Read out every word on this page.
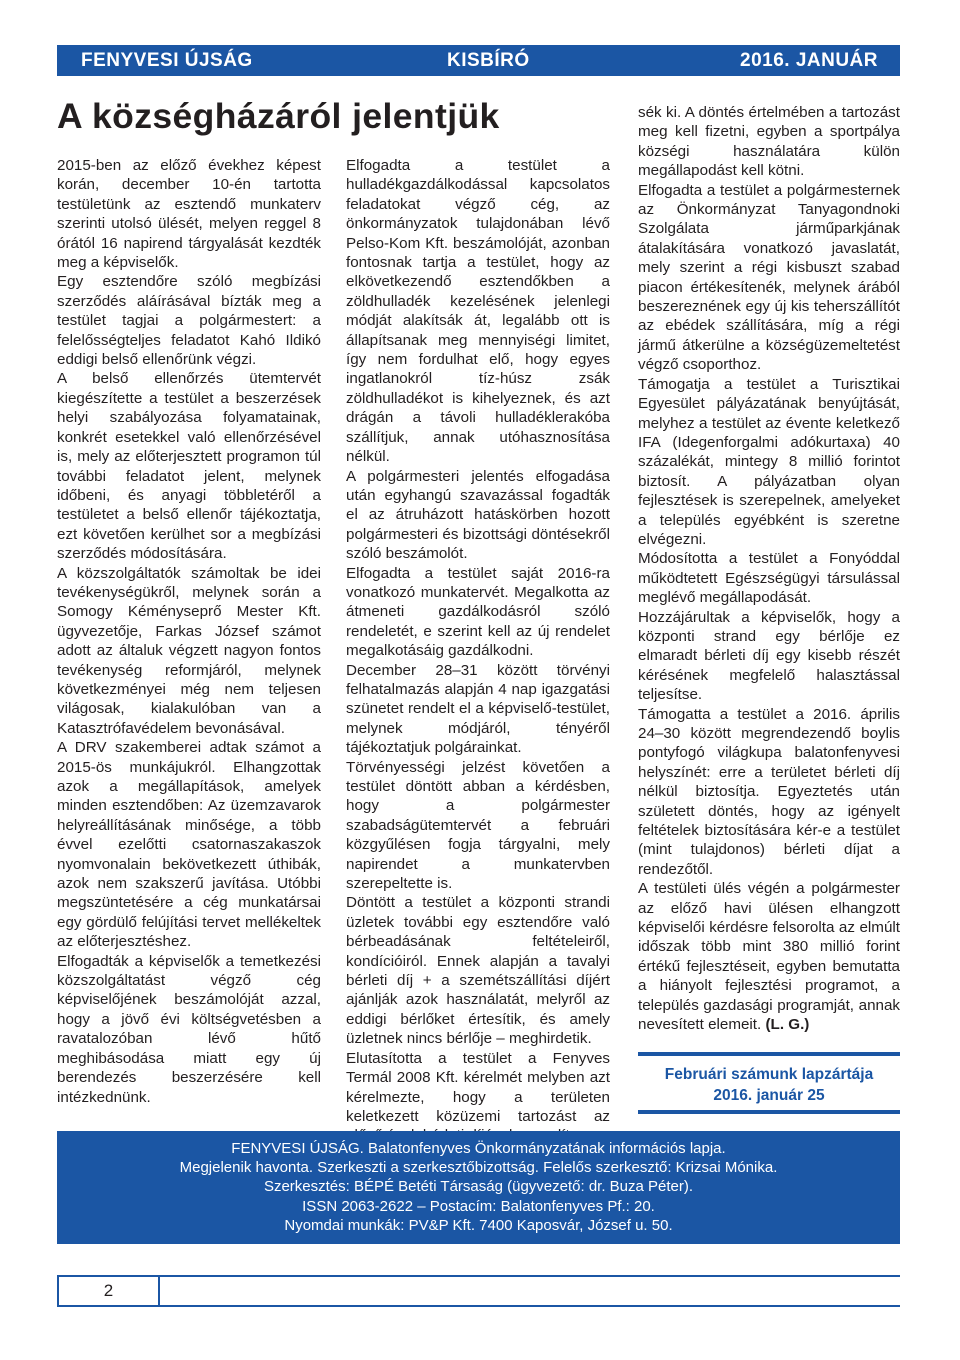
FENYVESI ÚJSÁG	KISBÍRÓ	2016. JANUÁR
A községházáról jelentjük

2015-ben az előző évekhez képest korán, december 10-én tartotta testületünk az esztendő munkaterv szerinti utolsó ülését, melyen reggel 8 órától 16 napirend tárgyalását kezdték meg a képviselők.

Egy esztendőre szóló megbízási szerződés aláírásával bízták meg a testület tagjai a polgármestert: a felelősségteljes feladatot Kahó Ildikó eddigi belső ellenőrünk végzi.

A belső ellenőrzés ütemtervét kiegészítette a testület a beszerzések helyi szabályozása folyamatainak, konkrét esetekkel való ellenőrzésével is, mely az előterjesztett programon túl további feladatot jelent, melynek időbeni, és anyagi többletéről a testületet a belső ellenőr tájékoztatja, ezt követően kerülhet sor a megbízási szerződés módosítására.

A közszolgáltatók számoltak be idei tevékenységükről, melynek során a Somogy Kéményseprő Mester Kft. ügyvezetője, Farkas József számot adott az általuk végzett nagyon fontos tevékenység reformjáról, melynek következményei még nem teljesen világosak, kialakulóban van a Katasztrófavédelem bevonásával.

A DRV szakemberei adtak számot a 2015-ös munkájukról. Elhangzottak azok a megállapítások, amelyek minden esztendőben: Az üzemzavarok helyreállításának minősége, a több évvel ezelőtti csatornaszakaszok nyomvonalain bekövetkezett úthibák, azok nem szakszerű javítása. Utóbbi megszüntetésére a cég munkatársai egy gördülő felújítási tervet mellékeltek az előterjesztéshez.

Elfogadták a képviselők a temetkezési közszolgáltatást végző cég képviselőjének beszámolóját azzal, hogy a jövő évi költségvetésben a ravatalozóban lévő hűtő meghibásodása miatt egy új berendezés beszerzésére kell intézkednünk.

Elfogadta a testület a hulladékgazdálkodással kapcsolatos feladatokat végző cég, az önkormányzatok tulajdonában lévő Pelso-Kom Kft. beszámolóját, azonban fontosnak tartja a testület, hogy az elkövetkezendő esztendőkben a zöldhulladék kezelésének jelenlegi módját alakítsák át, legalább ott is állapítsanak meg mennyiségi limitet, így nem fordulhat elő, hogy egyes ingatlanokról tíz-húsz zsák zöldhulladékot is kihelyeznek, és azt drágán a távoli hulladéklerakóba szállítjuk, annak utóhasznosítása nélkül.

A polgármesteri jelentés elfogadása után egyhangú szavazással fogadták el az átruházott hatáskörben hozott polgármesteri és bizottsági döntésekről szóló beszámolót.

Elfogadta a testület saját 2016-ra vonatkozó munkatervét. Megalkotta az átmeneti gazdálkodásról szóló rendeletét, e szerint kell az új rendelet megalkotásáig gazdálkodni.

December 28–31 között törvényi felhatalmazás alapján 4 nap igazgatási szünetet rendelt el a képviselő-testület, melynek módjáról, tényéről tájékoztatjuk polgárainkat.

Törvényességi jelzést követően a testület döntött abban a kérdésben, hogy a polgármester szabadságütemtervét a februári közgyűlésen fogja tárgyalni, mely napirendet a munkatervben szerepeltette is.

Döntött a testület a központi strandi üzletek további egy esztendőre való bérbeadásának feltételeiről, kondícióiról. Ennek alapján a tavalyi bérleti díj + a szemétszállítási díjért ajánlják azok használatát, melyről az eddigi bérlőket értesítik, és amely üzletnek nincs bérlője – meghirdetik.

Elutasította a testület a Fenyves Termál 2008 Kft. kérelmét melyben azt kérelmezte, hogy a területen keletkezett közüzemi tartozást az

sék ki. A döntés értelmében a tartozást meg kell fizetni, egyben a sportpálya községi használatára külön megállapodást kell kötni.

Elfogadta a testület a polgármesternek az Önkormányzat Tanyagondnoki Szolgálata járműparkjának átalakítására vonatkozó javaslatát, mely szerint a régi kisbuszt szabad piacon értékesítenék, melynek árából beszereznének egy új kis teherszállítót az ebédek szállítására, míg a régi jármű átkerülne a községüzemeltetést végző csoporthoz.

Támogatja a testület a Turisztikai Egyesület pályázatának benyújtását, melyhez a testület az évente keletkező IFA (Idegenforgalmi adókurtaxa) 40 százalékát, mintegy 8 millió forintot biztosít. A pályázatban olyan fejlesztések is szerepelnek, amelyeket a település egyébként is szeretne elvégezni.

Módosította a testület a Fonyóddal működtetett Egészségügyi társulással meglévő megállapodását.

Hozzájárultak a képviselők, hogy a központi strand egy bérlője ez elmaradt bérleti díj egy kisebb részét kérésének megfelelő halasztással teljesítse.

Támogatta a testület a 2016. április 24–30 között megrendezendő boylis pontyfogó világkupa balatonfenyvesi helyszínét: erre a területet bérleti díj nélkül biztosítja. Egyeztetés után született döntés, hogy az igényelt feltételek biztosítására kér-e a testület (mint tulajdonos) bérleti díjat a rendezőtől.

A testületi ülés végén a polgármester az előző havi ülésen elhangzott képviselői kérdésre felsorolta az elmúlt időszak több mint 380 millió forint értékű fejlesztéseit, egyben bemutatta a hiányolt fejlesztési programot, a település gazdasági programját, annak nevesített elemeit. (L. G.)

Februári számunk lapzártája
2016. január 25
FENYVESI ÚJSÁG. Balatonfenyves Önkormányzatának információs lapja.
Megjelenik havonta. Szerkeszti a szerkesztőbizottság. Felelős szerkesztő: Krizsai Mónika.
Szerkesztés: BÉPÉ Betéti Társaság (ügyvezető: dr. Buza Péter).
ISSN 2063-2622 – Postacím: Balatonfenyves Pf.: 20.
Nyomdai munkák: PV&P Kft. 7400 Kaposvár, József u. 50.
2
